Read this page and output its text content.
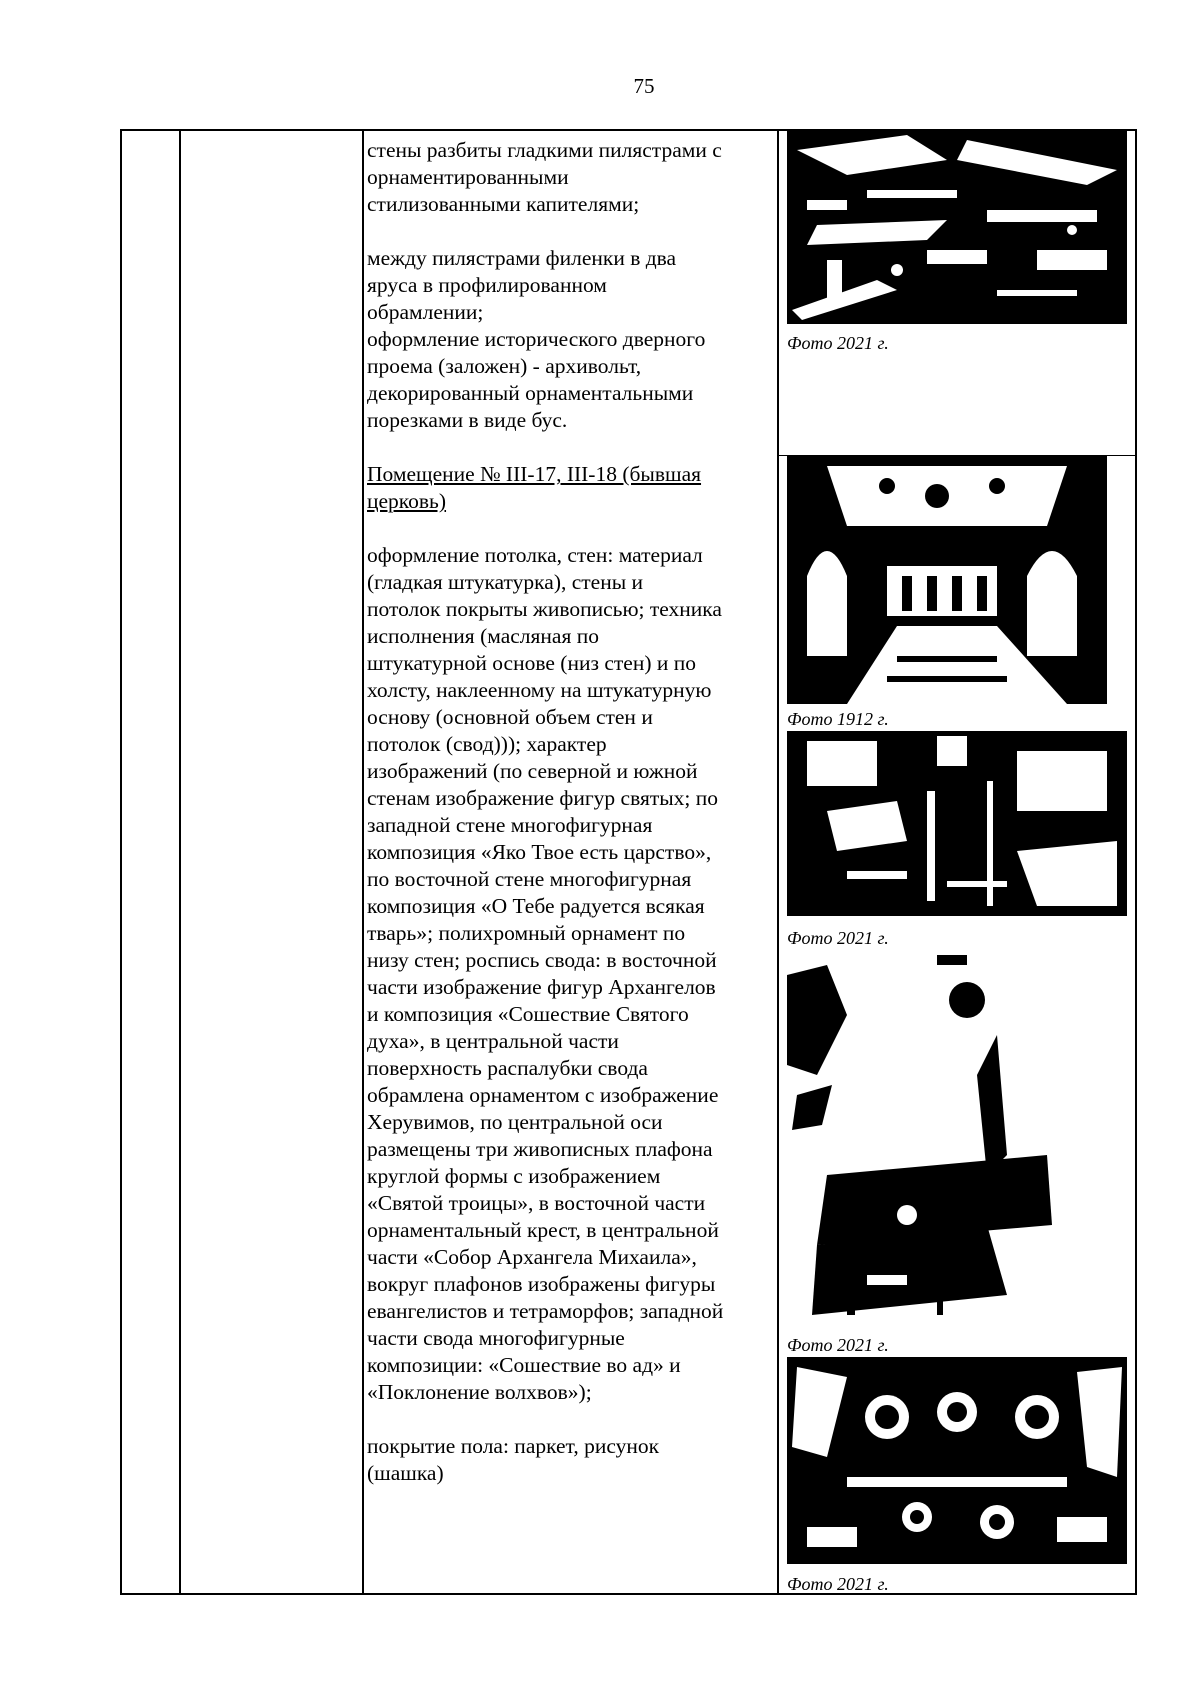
75

стены разбиты гладкими пилястрами с

орнаментированными

стилизованными капителями;

между пилястрами филенки в два

яруса в профилированном

обрамлении;

оформление исторического дверного

проема (заложен) - архивольт,

декорированный орнаментальными

порезками в виде бус.

Помещение № III-17, III-18 (бывшая

церковь)

оформление потолка, стен: материал

(гладкая штукатурка), стены и

потолок покрыты живописью; техника

исполнения (масляная по

штукатурной основе (низ стен) и по

холсту, наклеенному на штукатурную

основу (основной объем стен и

потолок (свод))); характер

изображений (по северной и южной

стенам изображение фигур святых; по

западной стене многофигурная

композиция «Яко Твое есть царство»,

по восточной стене многофигурная

композиция «О Тебе радуется всякая

тварь»; полихромный орнамент по

низу стен; роспись свода: в восточной

части изображение фигур Архангелов

и композиция «Сошествие Святого

духа», в центральной части

поверхность распалубки свода

обрамлена орнаментом с изображение

Херувимов, по центральной оси

размещены три живописных плафона

круглой формы с изображением

«Святой троицы», в восточной части

орнаментальный крест, в центральной

части «Собор Архангела Михаила»,

вокруг плафонов изображены фигуры

евангелистов и тетраморфов; западной

части свода многофигурные

композиции: «Сошествие во ад» и

«Поклонение волхвов»);

покрытие пола: паркет, рисунок

(шашка)

Фото 2021 г.
Фото 1912 г.
Фото 2021 г.
Фото 2021 г.
Фото 2021 г.
